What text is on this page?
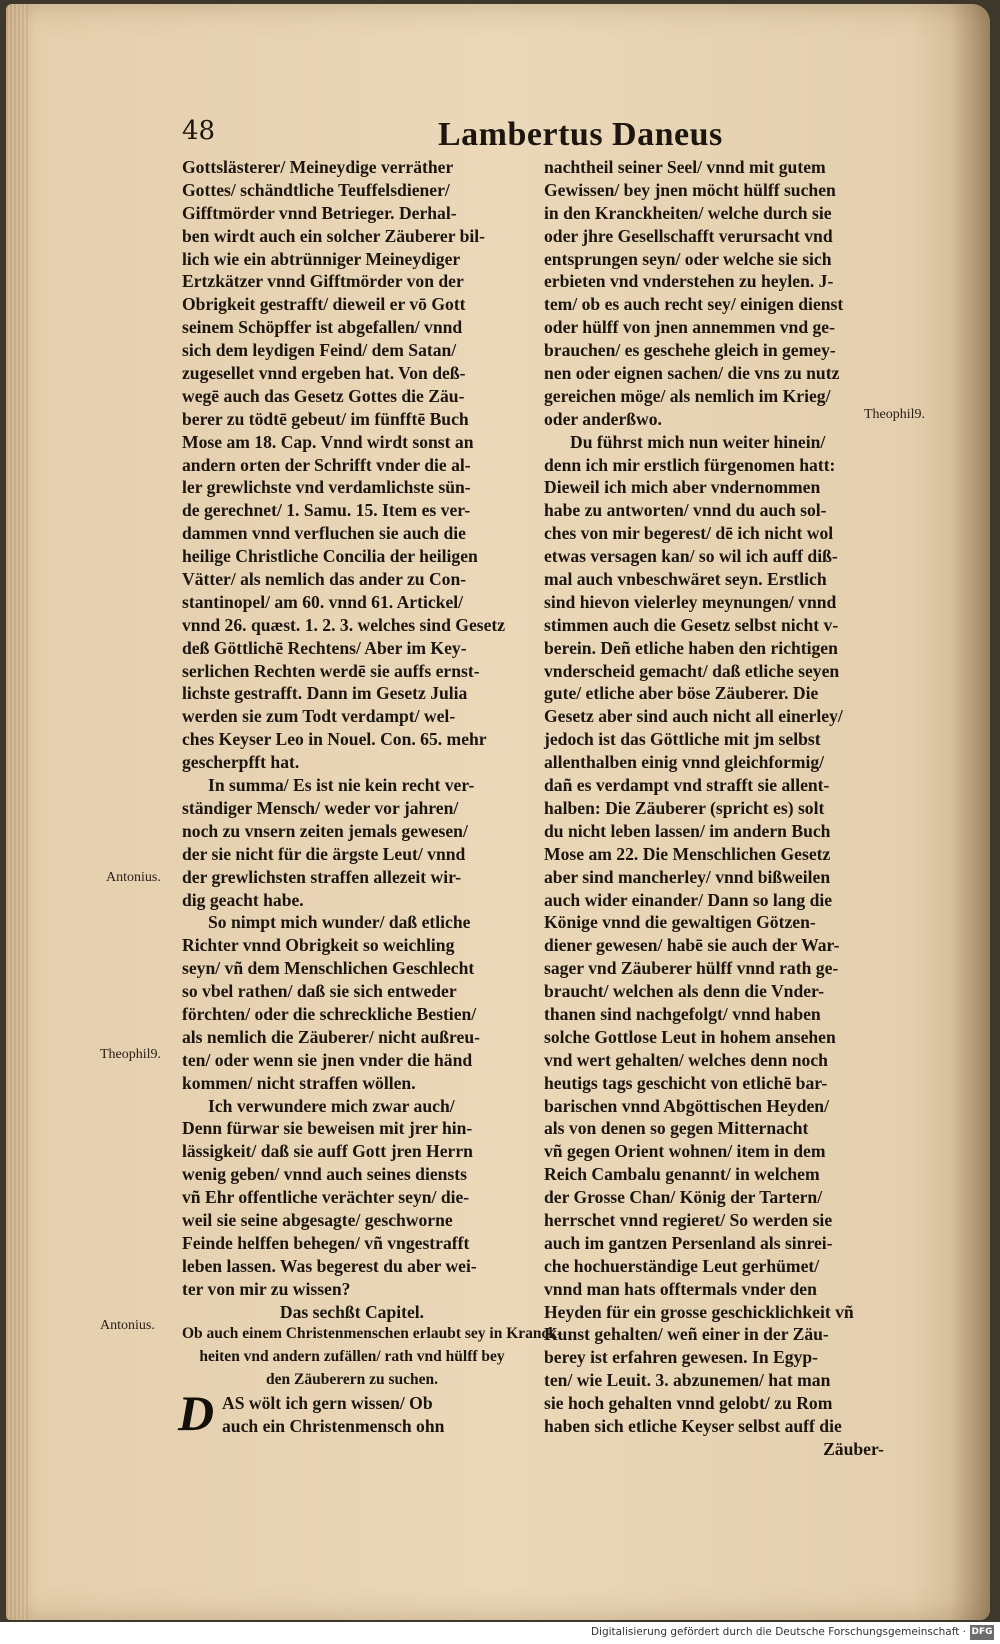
48	Lambertus Daneus
Gottslästerer/ Meineydige verräther
Gottes/ schändtliche Teuffelsdiener/
Gifftmörder vnnd Betrieger. Derhal-
ben wirdt auch ein solcher Zäuberer bil-
lich wie ein abtrünniger Meineydiger
Ertzkätzer vnnd Gifftmörder von der
Obrigkeit gestrafft/ dieweil er vō Gott
seinem Schöpffer ist abgefallen/ vnnd
sich dem leydigen Feind/ dem Satan/
zugesellet vnnd ergeben hat. Von deß-
wegē auch das Gesetz Gottes die Zäu-
berer zu tödtē gebeut/ im fünfftē Buch
Mose am 18. Cap. Vnnd wirdt sonst an
andern orten der Schrifft vnder die al-
ler grewlichste vnd verdamlichste sün-
de gerechnet/ 1. Samu. 15. Item es ver-
dammen vnnd verfluchen sie auch die
heilige Christliche Concilia der heiligen
Vätter/ als nemlich das ander zu Con-
stantinopel/ am 60. vnnd 61. Artickel/
vnnd 26. quæst. 1. 2. 3. welches sind Gesetz
deß Göttlichē Rechtens/ Aber im Key-
serlichen Rechten werdē sie auffs ernst-
lichste gestrafft. Dann im Gesetz Julia
werden sie zum Todt verdampt/ wel-
ches Keyser Leo in Nouel. Con. 65. mehr
gescherpfft hat.
In summa/ Es ist nie kein recht ver-
ständiger Mensch/ weder vor jahren/
noch zu vnsern zeiten jemals gewesen/
der sie nicht für die ärgste Leut/ vnnd
der grewlichsten straffen allezeit wir-
dig geacht habe.
So nimpt mich wunder/ daß etliche
Richter vnnd Obrigkeit so weichling
seyn/ vñ dem Menschlichen Geschlecht
so vbel rathen/ daß sie sich entweder
förchten/ oder die schreckliche Bestien/
als nemlich die Zäuberer/ nicht außreu-
ten/ oder wenn sie jnen vnder die händ
kommen/ nicht straffen wöllen.
Ich verwundere mich zwar auch/
Denn fürwar sie beweisen mit jrer hin-
lässigkeit/ daß sie auff Gott jren Herrn
wenig geben/ vnnd auch seines diensts
vñ Ehr offentliche verächter seyn/ die-
weil sie seine abgesagte/ geschworne
Feinde helffen behegen/ vñ vngestrafft
leben lassen. Was begerest du aber wei-
ter von mir zu wissen?
Das sechßt Capitel.
Ob auch einem Christenmenschen erlaubt sey in Kranck-
heiten vnd andern zufällen/ rath vnd hülff bey
den Zäuberern zu suchen.
D AS wölt ich gern wissen/ Ob
auch ein Christenmensch ohn
nachtheil seiner Seel/ vnnd mit gutem
Gewissen/ bey jnen möcht hülff suchen
in den Kranckheiten/ welche durch sie
oder jhre Gesellschafft verursacht vnd
entsprungen seyn/ oder welche sie sich
erbieten vnd vnderstehen zu heylen. J-
tem/ ob es auch recht sey/ einigen dienst
oder hülff von jnen annemmen vnd ge-
brauchen/ es geschehe gleich in gemey-
nen oder eignen sachen/ die vns zu nutz
gereichen möge/ als nemlich im Krieg/
oder anderßwo.
Du führst mich nun weiter hinein/
denn ich mir erstlich fürgenomen hatt:
Dieweil ich mich aber vndernommen
habe zu antworten/ vnnd du auch sol-
ches von mir begerest/ dē ich nicht wol
etwas versagen kan/ so wil ich auff diß-
mal auch vnbeschwäret seyn. Erstlich
sind hievon vielerley meynungen/ vnnd
stimmen auch die Gesetz selbst nicht v-
berein. Deñ etliche haben den richtigen
vnderscheid gemacht/ daß etliche seyen
gute/ etliche aber böse Zäuberer. Die
Gesetz aber sind auch nicht all einerley/
jedoch ist das Göttliche mit jm selbst
allenthalben einig vnnd gleichformig/
dañ es verdampt vnd strafft sie allent-
halben: Die Zäuberer (spricht es) solt
du nicht leben lassen/ im andern Buch
Mose am 22. Die Menschlichen Gesetz
aber sind mancherley/ vnnd bißweilen
auch wider einander/ Dann so lang die
Könige vnnd die gewaltigen Götzen-
diener gewesen/ habē sie auch der War-
sager vnd Zäuberer hülff vnnd rath ge-
braucht/ welchen als denn die Vnder-
thanen sind nachgefolgt/ vnnd haben
solche Gottlose Leut in hohem ansehen
vnd wert gehalten/ welches denn noch
heutigs tags geschicht von etlichē bar-
barischen vnnd Abgöttischen Heyden/
als von denen so gegen Mitternacht
vñ gegen Orient wohnen/ item in dem
Reich Cambalu genannt/ in welchem
der Grosse Chan/ König der Tartern/
herrschet vnnd regieret/ So werden sie
auch im gantzen Persenland als sinrei-
che hochuerständige Leut gerhümet/
vnnd man hats offtermals vnder den
Heyden für ein grosse geschicklichkeit vñ
Kunst gehalten/ weñ einer in der Zäu-
berey ist erfahren gewesen. In Egyp-
ten/ wie Leuit. 3. abzunemen/ hat man
sie hoch gehalten vnnd gelobt/ zu Rom
haben sich etliche Keyser selbst auff die
Zäuber-
Theophil9.
Antonius.
Theophil9.
Antonius.
Digitalisierung gefördert durch die Deutsche Forschungsgemeinschaft · DFG
